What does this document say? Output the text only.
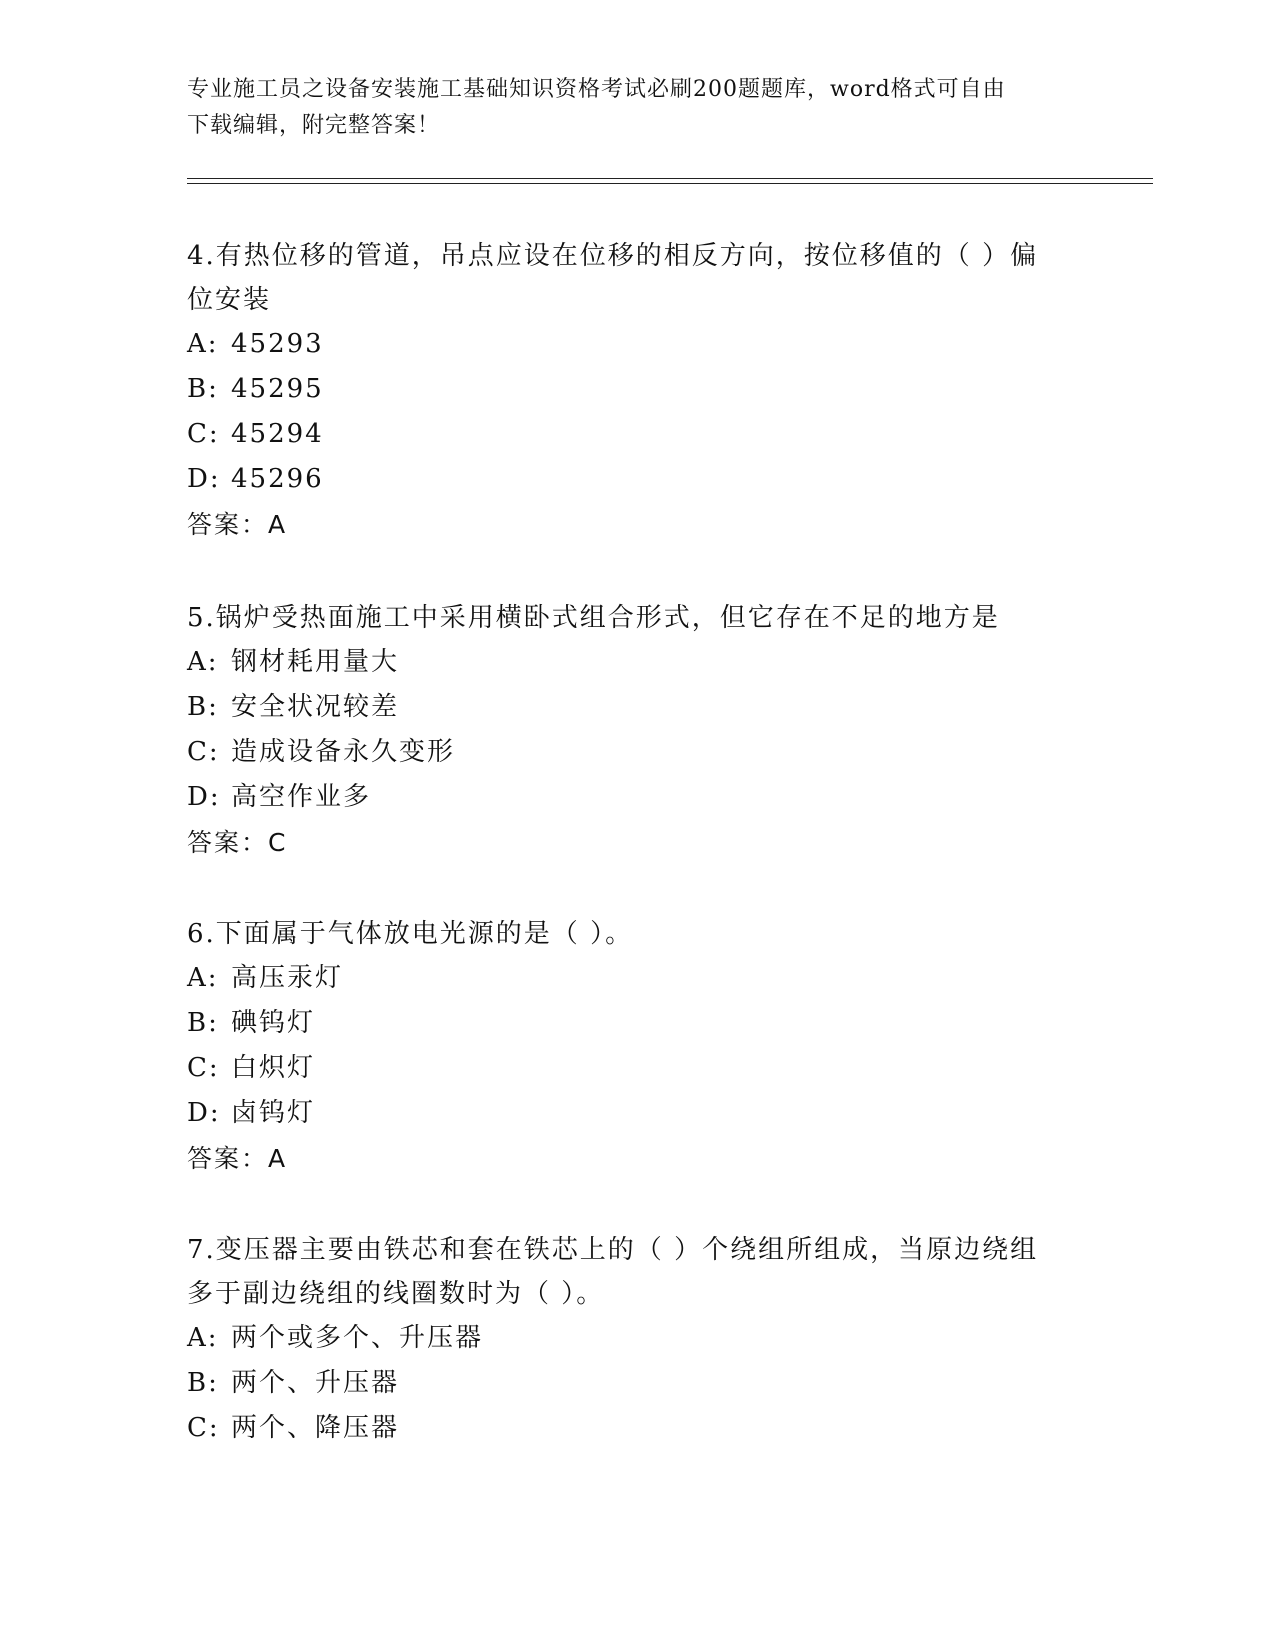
专业施工员之设备安装施工基础知识资格考试必刷200题题库，word格式可自由
下载编辑，附完整答案！
4.有热位移的管道，吊点应设在位移的相反方向，按位移值的（ ）偏
位安装
A: 45293
B: 45295
C: 45294
D: 45296
答案：A
5.锅炉受热面施工中采用横卧式组合形式，但它存在不足的地方是
A: 钢材耗用量大
B: 安全状况较差
C: 造成设备永久变形
D: 高空作业多
答案：C
6.下面属于气体放电光源的是（ ）。
A: 高压汞灯
B: 碘钨灯
C: 白炽灯
D: 卤钨灯
答案：A
7.变压器主要由铁芯和套在铁芯上的（ ）个绕组所组成，当原边绕组
多于副边绕组的线圈数时为（ ）。
A: 两个或多个、升压器
B: 两个、升压器
C: 两个、降压器
